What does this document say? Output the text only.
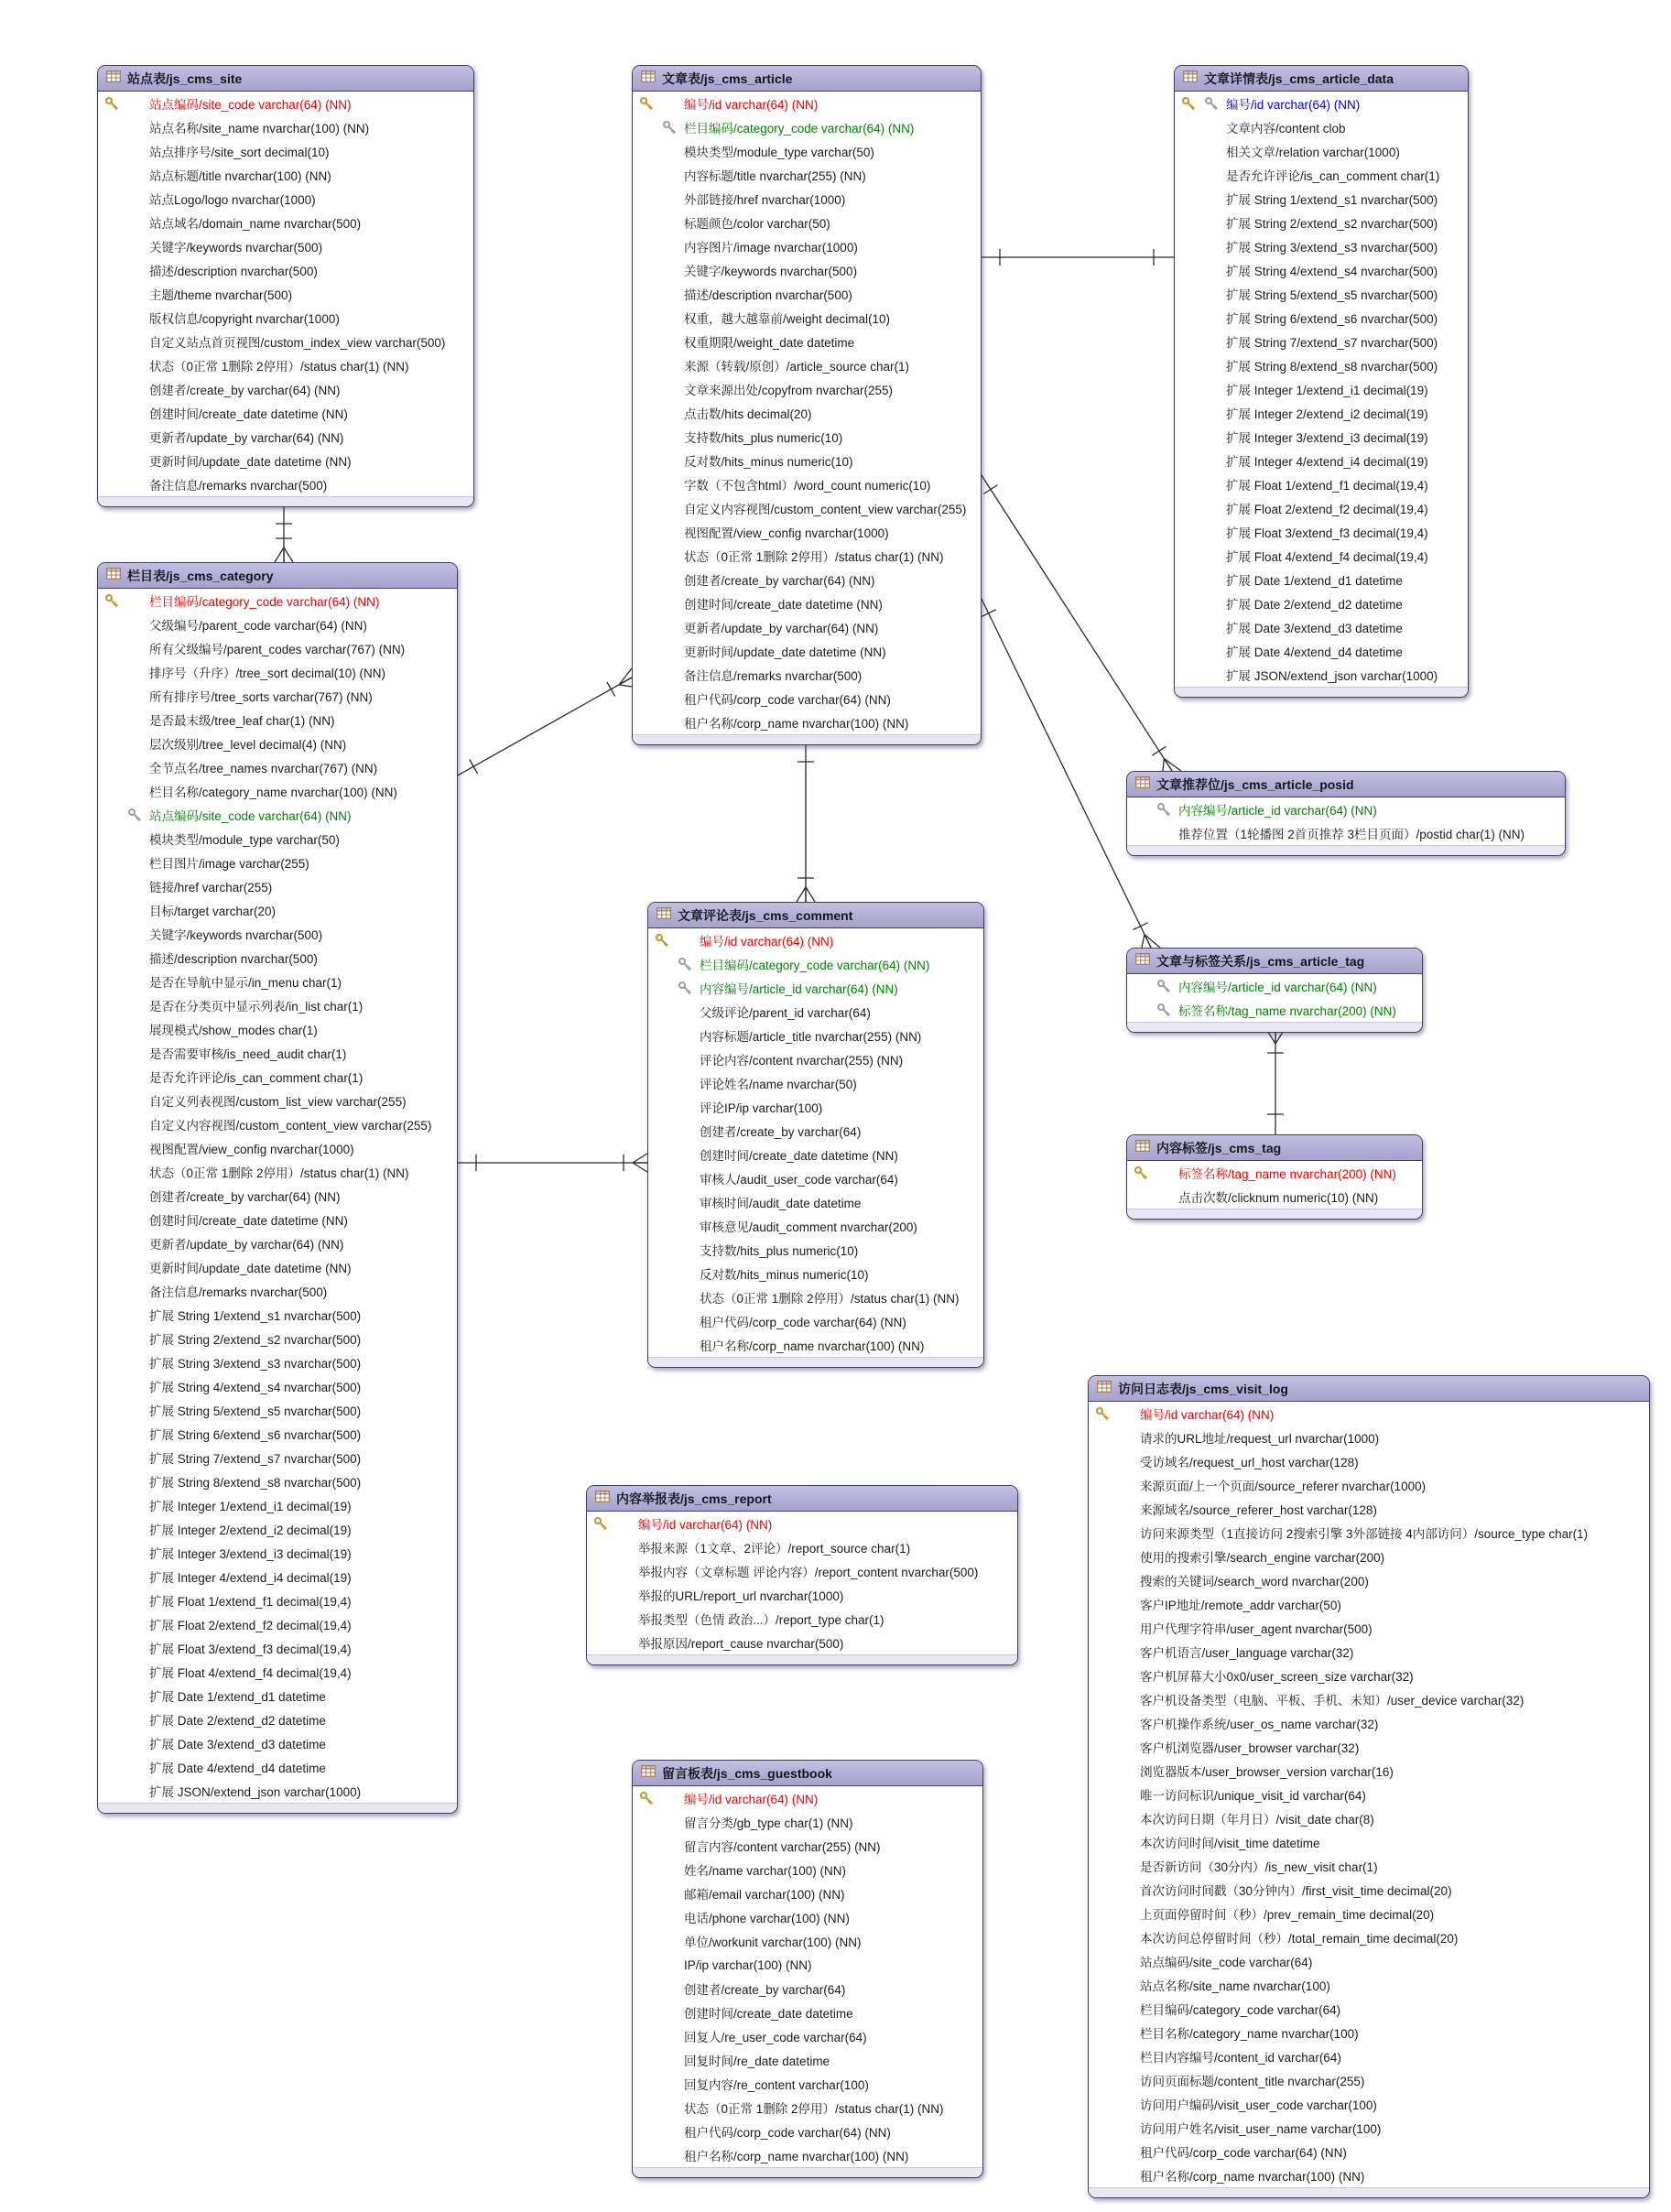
站点表/js_cms_site
站点编码/site_code varchar(64) (NN)
站点名称/site_name nvarchar(100) (NN)
站点排序号/site_sort decimal(10)
站点标题/title nvarchar(100) (NN)
站点Logo/logo nvarchar(1000)
站点域名/domain_name nvarchar(500)
关键字/keywords nvarchar(500)
描述/description nvarchar(500)
主题/theme nvarchar(500)
版权信息/copyright nvarchar(1000)
自定义站点首页视图/custom_index_view varchar(500)
状态（0正常 1删除 2停用）/status char(1) (NN)
创建者/create_by varchar(64) (NN)
创建时间/create_date datetime (NN)
更新者/update_by varchar(64) (NN)
更新时间/update_date datetime (NN)
备注信息/remarks nvarchar(500)
栏目表/js_cms_category
栏目编码/category_code varchar(64) (NN)
父级编号/parent_code varchar(64) (NN)
所有父级编号/parent_codes varchar(767) (NN)
排序号（升序）/tree_sort decimal(10) (NN)
所有排序号/tree_sorts varchar(767) (NN)
是否最末级/tree_leaf char(1) (NN)
层次级别/tree_level decimal(4) (NN)
全节点名/tree_names nvarchar(767) (NN)
栏目名称/category_name nvarchar(100) (NN)
站点编码/site_code varchar(64) (NN)
模块类型/module_type varchar(50)
栏目图片/image varchar(255)
链接/href varchar(255)
目标/target varchar(20)
关键字/keywords nvarchar(500)
描述/description nvarchar(500)
是否在导航中显示/in_menu char(1)
是否在分类页中显示列表/in_list char(1)
展现模式/show_modes char(1)
是否需要审核/is_need_audit char(1)
是否允许评论/is_can_comment char(1)
自定义列表视图/custom_list_view varchar(255)
自定义内容视图/custom_content_view varchar(255)
视图配置/view_config nvarchar(1000)
状态（0正常 1删除 2停用）/status char(1) (NN)
创建者/create_by varchar(64) (NN)
创建时间/create_date datetime (NN)
更新者/update_by varchar(64) (NN)
更新时间/update_date datetime (NN)
备注信息/remarks nvarchar(500)
扩展 String 1/extend_s1 nvarchar(500)
扩展 String 2/extend_s2 nvarchar(500)
扩展 String 3/extend_s3 nvarchar(500)
扩展 String 4/extend_s4 nvarchar(500)
扩展 String 5/extend_s5 nvarchar(500)
扩展 String 6/extend_s6 nvarchar(500)
扩展 String 7/extend_s7 nvarchar(500)
扩展 String 8/extend_s8 nvarchar(500)
扩展 Integer 1/extend_i1 decimal(19)
扩展 Integer 2/extend_i2 decimal(19)
扩展 Integer 3/extend_i3 decimal(19)
扩展 Integer 4/extend_i4 decimal(19)
扩展 Float 1/extend_f1 decimal(19,4)
扩展 Float 2/extend_f2 decimal(19,4)
扩展 Float 3/extend_f3 decimal(19,4)
扩展 Float 4/extend_f4 decimal(19,4)
扩展 Date 1/extend_d1 datetime
扩展 Date 2/extend_d2 datetime
扩展 Date 3/extend_d3 datetime
扩展 Date 4/extend_d4 datetime
扩展 JSON/extend_json varchar(1000)
文章表/js_cms_article
编号/id varchar(64) (NN)
栏目编码/category_code varchar(64) (NN)
模块类型/module_type varchar(50)
内容标题/title nvarchar(255) (NN)
外部链接/href nvarchar(1000)
标题颜色/color varchar(50)
内容图片/image nvarchar(1000)
关键字/keywords nvarchar(500)
描述/description nvarchar(500)
权重，越大越靠前/weight decimal(10)
权重期限/weight_date datetime
来源（转载/原创）/article_source char(1)
文章来源出处/copyfrom nvarchar(255)
点击数/hits decimal(20)
支持数/hits_plus numeric(10)
反对数/hits_minus numeric(10)
字数（不包含html）/word_count numeric(10)
自定义内容视图/custom_content_view varchar(255)
视图配置/view_config nvarchar(1000)
状态（0正常 1删除 2停用）/status char(1) (NN)
创建者/create_by varchar(64) (NN)
创建时间/create_date datetime (NN)
更新者/update_by varchar(64) (NN)
更新时间/update_date datetime (NN)
备注信息/remarks nvarchar(500)
租户代码/corp_code varchar(64) (NN)
租户名称/corp_name nvarchar(100) (NN)
文章详情表/js_cms_article_data
编号/id varchar(64) (NN)
文章内容/content clob
相关文章/relation varchar(1000)
是否允许评论/is_can_comment char(1)
扩展 String 1/extend_s1 nvarchar(500)
扩展 String 2/extend_s2 nvarchar(500)
扩展 String 3/extend_s3 nvarchar(500)
扩展 String 4/extend_s4 nvarchar(500)
扩展 String 5/extend_s5 nvarchar(500)
扩展 String 6/extend_s6 nvarchar(500)
扩展 String 7/extend_s7 nvarchar(500)
扩展 String 8/extend_s8 nvarchar(500)
扩展 Integer 1/extend_i1 decimal(19)
扩展 Integer 2/extend_i2 decimal(19)
扩展 Integer 3/extend_i3 decimal(19)
扩展 Integer 4/extend_i4 decimal(19)
扩展 Float 1/extend_f1 decimal(19,4)
扩展 Float 2/extend_f2 decimal(19,4)
扩展 Float 3/extend_f3 decimal(19,4)
扩展 Float 4/extend_f4 decimal(19,4)
扩展 Date 1/extend_d1 datetime
扩展 Date 2/extend_d2 datetime
扩展 Date 3/extend_d3 datetime
扩展 Date 4/extend_d4 datetime
扩展 JSON/extend_json varchar(1000)
文章推荐位/js_cms_article_posid
内容编号/article_id varchar(64) (NN)
推荐位置（1轮播图 2首页推荐 3栏目页面）/postid char(1) (NN)
文章与标签关系/js_cms_article_tag
内容编号/article_id varchar(64) (NN)
标签名称/tag_name nvarchar(200) (NN)
内容标签/js_cms_tag
标签名称/tag_name nvarchar(200) (NN)
点击次数/clicknum numeric(10) (NN)
文章评论表/js_cms_comment
编号/id varchar(64) (NN)
栏目编码/category_code varchar(64) (NN)
内容编号/article_id varchar(64) (NN)
父级评论/parent_id varchar(64)
内容标题/article_title nvarchar(255) (NN)
评论内容/content nvarchar(255) (NN)
评论姓名/name nvarchar(50)
评论IP/ip varchar(100)
创建者/create_by varchar(64)
创建时间/create_date datetime (NN)
审核人/audit_user_code varchar(64)
审核时间/audit_date datetime
审核意见/audit_comment nvarchar(200)
支持数/hits_plus numeric(10)
反对数/hits_minus numeric(10)
状态（0正常 1删除 2停用）/status char(1) (NN)
租户代码/corp_code varchar(64) (NN)
租户名称/corp_name nvarchar(100) (NN)
内容举报表/js_cms_report
编号/id varchar(64) (NN)
举报来源（1文章、2评论）/report_source char(1)
举报内容（文章标题 评论内容）/report_content nvarchar(500)
举报的URL/report_url nvarchar(1000)
举报类型（色情 政治...）/report_type char(1)
举报原因/report_cause nvarchar(500)
留言板表/js_cms_guestbook
编号/id varchar(64) (NN)
留言分类/gb_type char(1) (NN)
留言内容/content varchar(255) (NN)
姓名/name varchar(100) (NN)
邮箱/email varchar(100) (NN)
电话/phone varchar(100) (NN)
单位/workunit varchar(100) (NN)
IP/ip varchar(100) (NN)
创建者/create_by varchar(64)
创建时间/create_date datetime
回复人/re_user_code varchar(64)
回复时间/re_date datetime
回复内容/re_content varchar(100)
状态（0正常 1删除 2停用）/status char(1) (NN)
租户代码/corp_code varchar(64) (NN)
租户名称/corp_name nvarchar(100) (NN)
访问日志表/js_cms_visit_log
编号/id varchar(64) (NN)
请求的URL地址/request_url nvarchar(1000)
受访域名/request_url_host varchar(128)
来源页面/上一个页面/source_referer nvarchar(1000)
来源域名/source_referer_host varchar(128)
访问来源类型（1直接访问 2搜索引擎 3外部链接 4内部访问）/source_type char(1)
使用的搜索引擎/search_engine varchar(200)
搜索的关键词/search_word nvarchar(200)
客户IP地址/remote_addr varchar(50)
用户代理字符串/user_agent nvarchar(500)
客户机语言/user_language varchar(32)
客户机屏幕大小0x0/user_screen_size varchar(32)
客户机设备类型（电脑、平板、手机、未知）/user_device varchar(32)
客户机操作系统/user_os_name varchar(32)
客户机浏览器/user_browser varchar(32)
浏览器版本/user_browser_version varchar(16)
唯一访问标识/unique_visit_id varchar(64)
本次访问日期（年月日）/visit_date char(8)
本次访问时间/visit_time datetime
是否新访问（30分内）/is_new_visit char(1)
首次访问时间戳（30分钟内）/first_visit_time decimal(20)
上页面停留时间（秒）/prev_remain_time decimal(20)
本次访问总停留时间（秒）/total_remain_time decimal(20)
站点编码/site_code varchar(64)
站点名称/site_name nvarchar(100)
栏目编码/category_code varchar(64)
栏目名称/category_name nvarchar(100)
栏目内容编号/content_id varchar(64)
访问页面标题/content_title nvarchar(255)
访问用户编码/visit_user_code varchar(100)
访问用户姓名/visit_user_name varchar(100)
租户代码/corp_code varchar(64) (NN)
租户名称/corp_name nvarchar(100) (NN)
